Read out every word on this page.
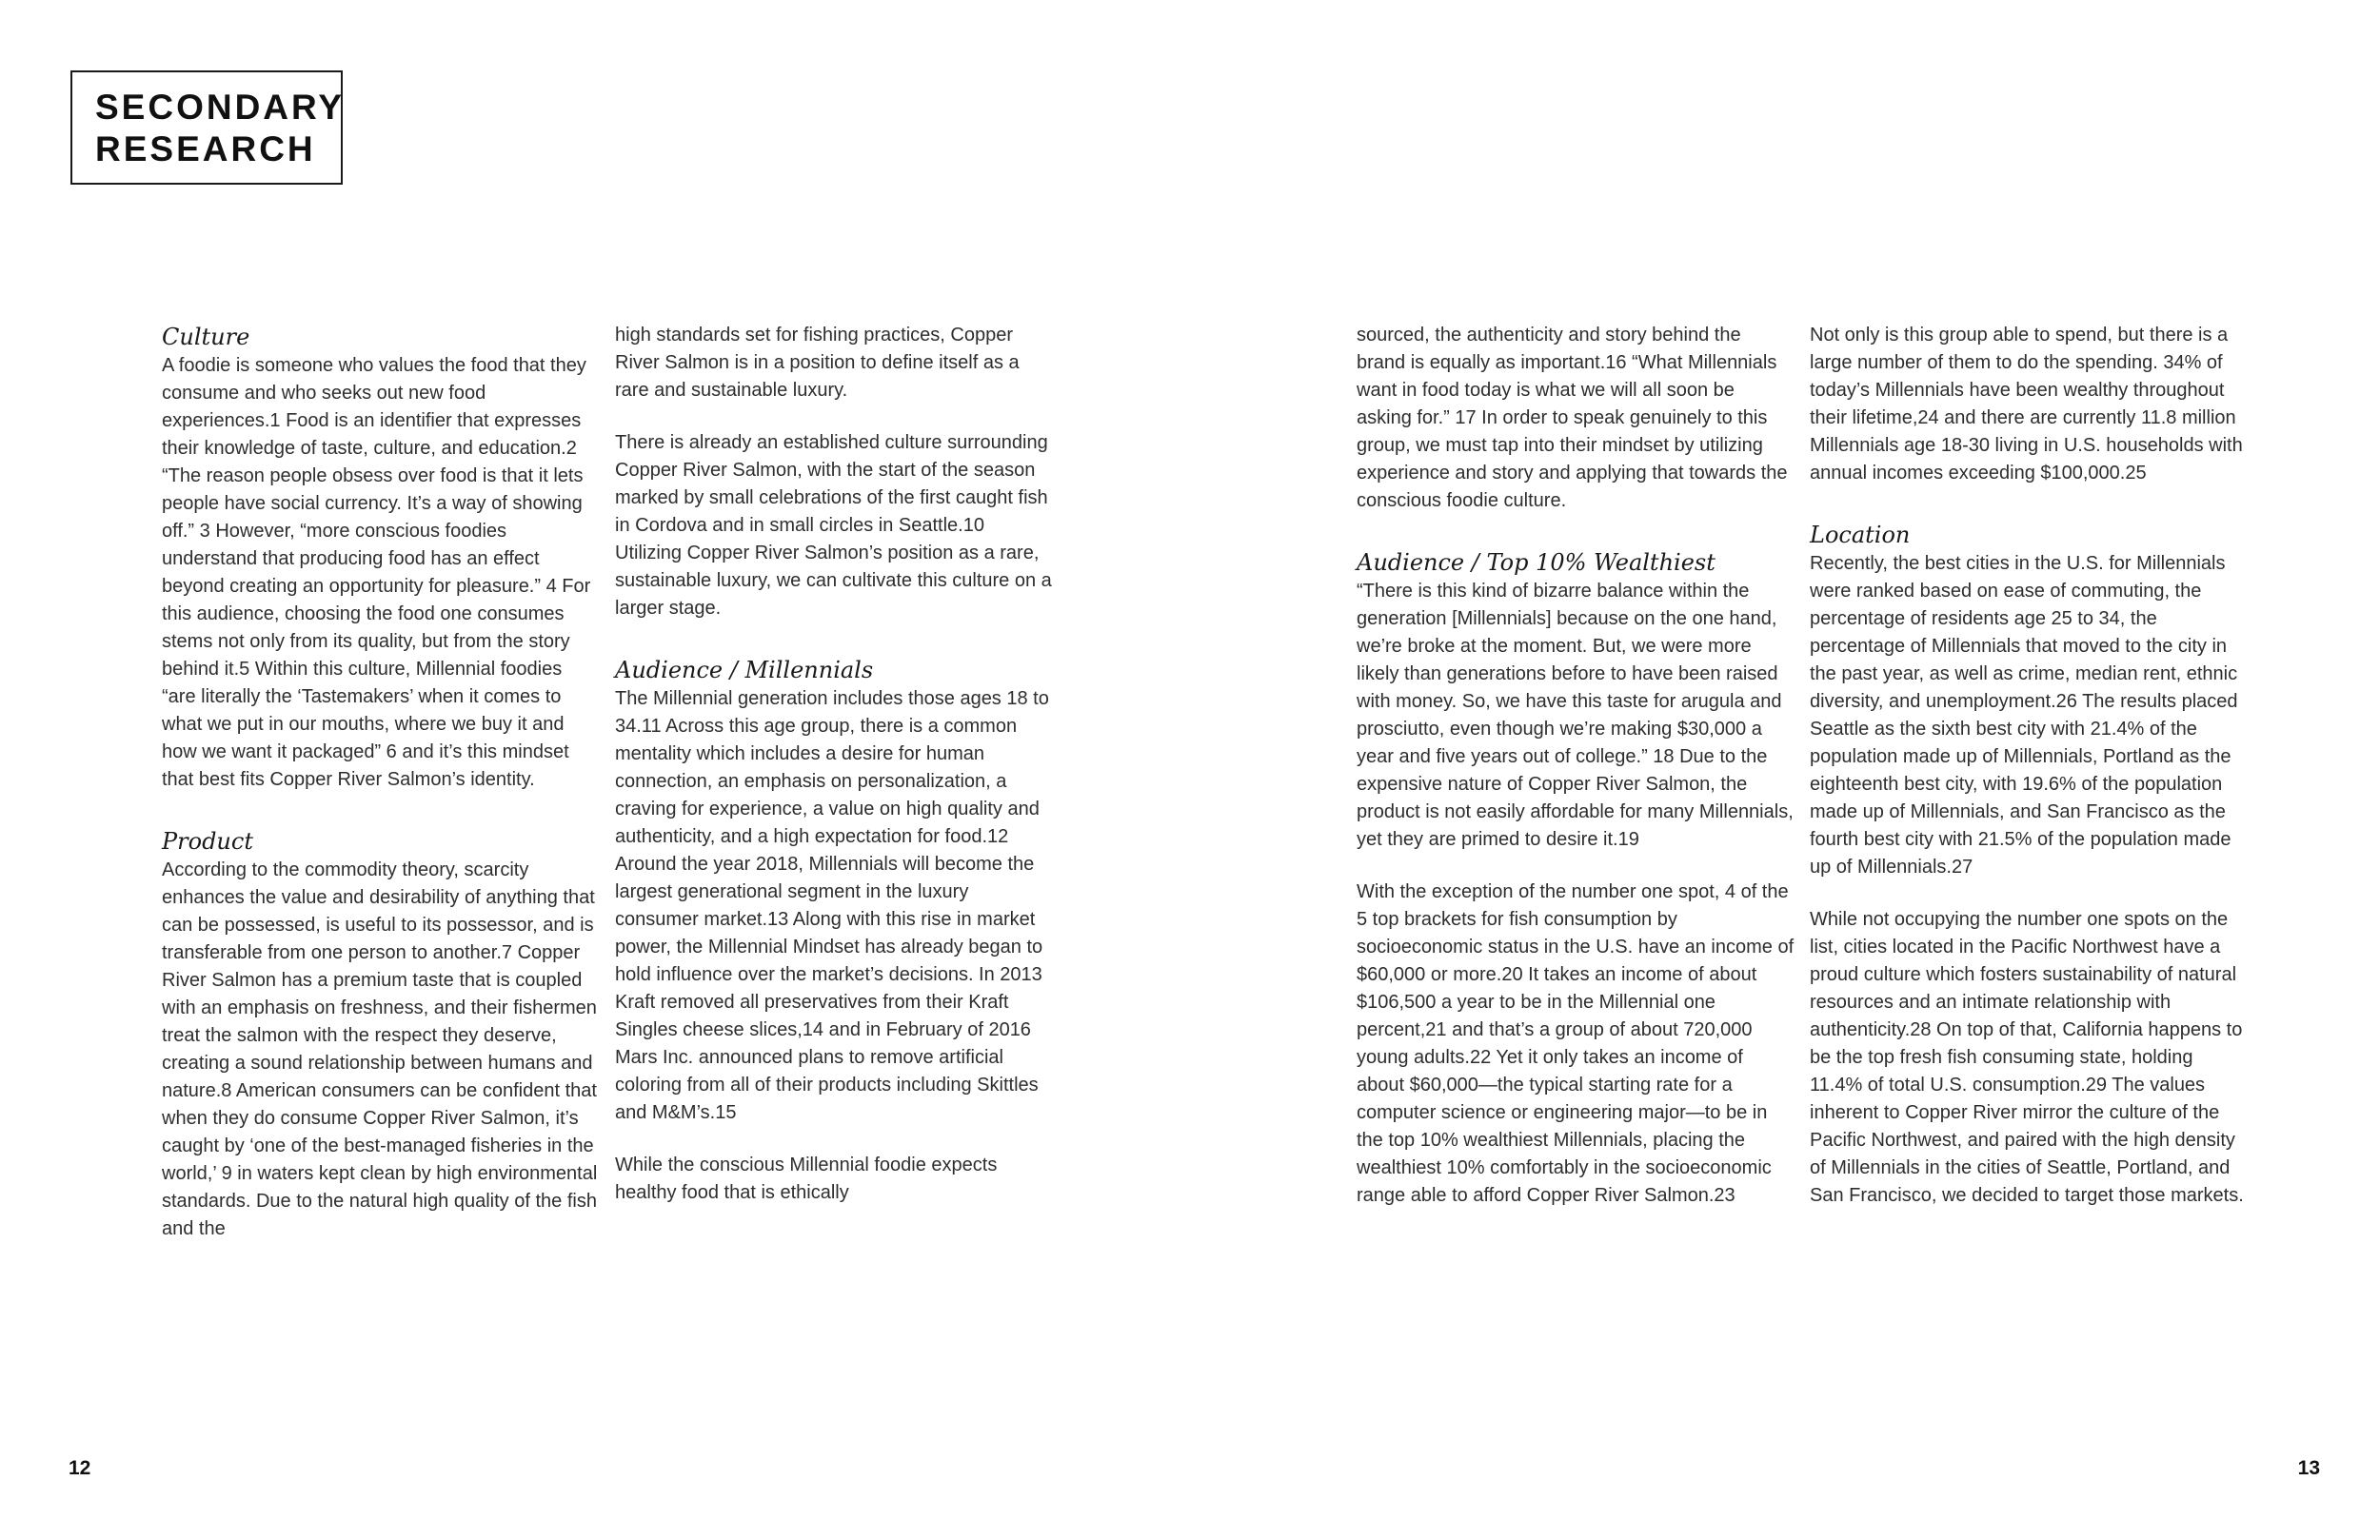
SECONDARY
RESEARCH
Culture

A foodie is someone who values the food that they consume and who seeks out new food experiences.1 Food is an identifier that expresses their knowledge of taste, culture, and education.2 “The reason people obsess over food is that it lets people have social currency. It’s a way of showing off.” 3 However, “more conscious foodies understand that producing food has an effect beyond creating an opportunity for pleasure.” 4 For this audience, choosing the food one consumes stems not only from its quality, but from the story behind it.5 Within this culture, Millennial foodies “are literally the ‘Tastemakers’ when it comes to what we put in our mouths, where we buy it and how we want it packaged” 6 and it’s this mindset that best fits Copper River Salmon’s identity.

Product

According to the commodity theory, scarcity enhances the value and desirability of anything that can be possessed, is useful to its possessor, and is transferable from one person to another.7 Copper River Salmon has a premium taste that is coupled with an emphasis on freshness, and their fishermen treat the salmon with the respect they deserve, creating a sound relationship between humans and nature.8 American consumers can be confident that when they do consume Copper River Salmon, it’s caught by ‘one of the best-managed fisheries in the world,’ 9 in waters kept clean by high environmental standards. Due to the natural high quality of the fish and the

high standards set for fishing practices, Copper River Salmon is in a position to define itself as a rare and sustainable luxury.

There is already an established culture surrounding Copper River Salmon, with the start of the season marked by small celebrations of the first caught fish in Cordova and in small circles in Seattle.10 Utilizing Copper River Salmon’s position as a rare, sustainable luxury, we can cultivate this culture on a larger stage.

Audience / Millennials

The Millennial generation includes those ages 18 to 34.11 Across this age group, there is a common mentality which includes a desire for human connection, an emphasis on personalization, a craving for experience, a value on high quality and authenticity, and a high expectation for food.12 Around the year 2018, Millennials will become the largest generational segment in the luxury consumer market.13 Along with this rise in market power, the Millennial Mindset has already began to hold influence over the market’s decisions. In 2013 Kraft removed all preservatives from their Kraft Singles cheese slices,14 and in February of 2016 Mars Inc. announced plans to remove artificial coloring from all of their products including Skittles and M&M’s.15

While the conscious Millennial foodie expects healthy food that is ethically

sourced, the authenticity and story behind the brand is equally as important.16 “What Millennials want in food today is what we will all soon be asking for.” 17 In order to speak genuinely to this group, we must tap into their mindset by utilizing experience and story and applying that towards the conscious foodie culture.

Audience / Top 10% Wealthiest

“There is this kind of bizarre balance within the generation [Millennials] because on the one hand, we’re broke at the moment. But, we were more likely than generations before to have been raised with money. So, we have this taste for arugula and prosciutto, even though we’re making $30,000 a year and five years out of college.” 18 Due to the expensive nature of Copper River Salmon, the product is not easily affordable for many Millennials, yet they are primed to desire it.19

With the exception of the number one spot, 4 of the 5 top brackets for fish consumption by socioeconomic status in the U.S. have an income of $60,000 or more.20 It takes an income of about $106,500 a year to be in the Millennial one percent,21 and that’s a group of about 720,000 young adults.22 Yet it only takes an income of about $60,000—the typical starting rate for a computer science or engineering major—to be in the top 10% wealthiest Millennials, placing the wealthiest 10% comfortably in the socioeconomic range able to afford Copper River Salmon.23

Not only is this group able to spend, but there is a large number of them to do the spending. 34% of today’s Millennials have been wealthy throughout their lifetime,24 and there are currently 11.8 million Millennials age 18-30 living in U.S. households with annual incomes exceeding $100,000.25

Location

Recently, the best cities in the U.S. for Millennials were ranked based on ease of commuting, the percentage of residents age 25 to 34, the percentage of Millennials that moved to the city in the past year, as well as crime, median rent, ethnic diversity, and unemployment.26 The results placed Seattle as the sixth best city with 21.4% of the population made up of Millennials, Portland as the eighteenth best city, with 19.6% of the population made up of Millennials, and San Francisco as the fourth best city with 21.5% of the population made up of Millennials.27

While not occupying the number one spots on the list, cities located in the Pacific Northwest have a proud culture which fosters sustainability of natural resources and an intimate relationship with authenticity.28 On top of that, California happens to be the top fresh fish consuming state, holding 11.4% of total U.S. consumption.29 The values inherent to Copper River mirror the culture of the Pacific Northwest, and paired with the high density of Millennials in the cities of Seattle, Portland, and San Francisco, we decided to target those markets.

12	13
